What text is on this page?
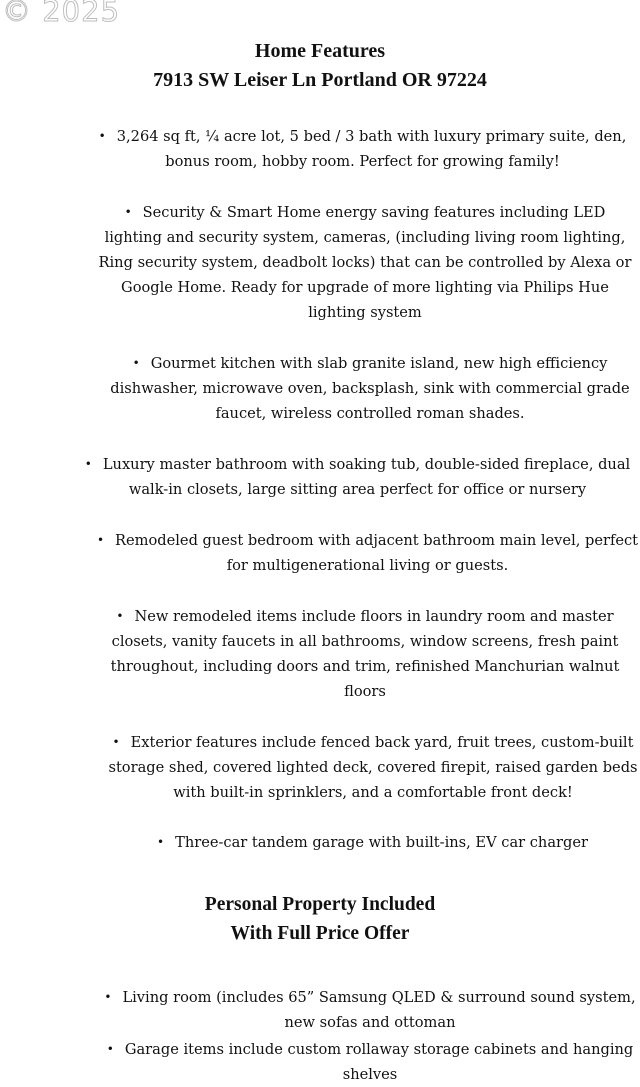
© 2025
Home Features
7913 SW Leiser Ln Portland OR 97224

• 3,264 sq ft, ¼ acre lot, 5 bed / 3 bath with luxury primary suite, den, bonus room, hobby room. Perfect for growing family!

• Security & Smart Home energy saving features including LED lighting and security system, cameras, (including living room lighting, Ring security system, deadbolt locks) that can be controlled by Alexa or Google Home. Ready for upgrade of more lighting via Philips Hue lighting system

• Gourmet kitchen with slab granite island, new high efficiency dishwasher, microwave oven, backsplash, sink with commercial grade faucet, wireless controlled roman shades.

• Luxury master bathroom with soaking tub, double-sided fireplace, dual walk-in closets, large sitting area perfect for office or nursery

• Remodeled guest bedroom with adjacent bathroom main level, perfect for multigenerational living or guests.

• New remodeled items include floors in laundry room and master closets, vanity faucets in all bathrooms, window screens, fresh paint throughout, including doors and trim, refinished Manchurian walnut floors

• Exterior features include fenced back yard, fruit trees, custom-built storage shed, covered lighted deck, covered firepit, raised garden beds with built-in sprinklers, and a comfortable front deck!

• Three-car tandem garage with built-ins, EV car charger

Personal Property Included
With Full Price Offer

• Living room (includes 65” Samsung QLED & surround sound system, new sofas and ottoman

• Garage items include custom rollaway storage cabinets and hanging shelves
